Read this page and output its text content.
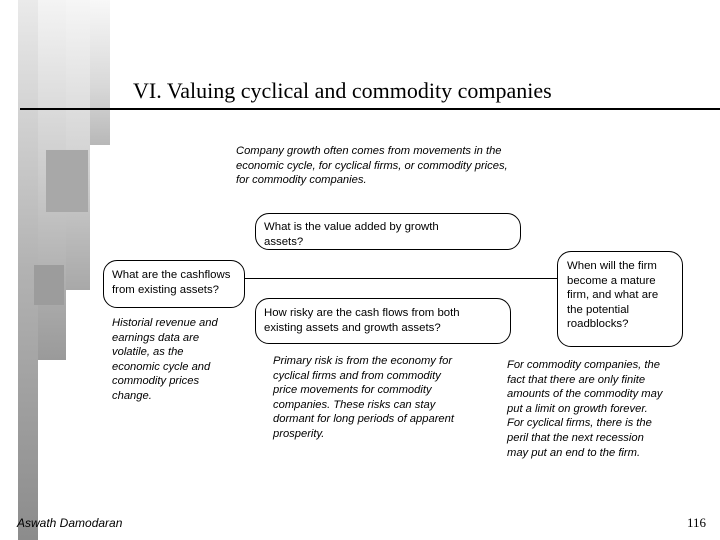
VI. Valuing cyclical and commodity companies
Company growth often comes from movements in the
economic cycle, for cyclical firms, or commodity prices,
for commodity companies.
What is the value added by growth
assets?
What are the cashflows
from existing assets?
How risky are the cash flows from both
existing assets and growth assets?
When will the firm
become a mature
firm, and what are
the potential
roadblocks?
Historial revenue and
earnings data are
volatile, as the
economic cycle and
commodity prices
change.
Primary risk is from the economy for
cyclical firms and from commodity
price movements for commodity
companies. These risks can stay
dormant for long periods of apparent
prosperity.
For commodity companies, the
fact that there are only finite
amounts of the commodity may
put a limit on growth forever.
For cyclical firms, there is the
peril that the next recession
may put an end to the firm.
Aswath Damodaran	116
